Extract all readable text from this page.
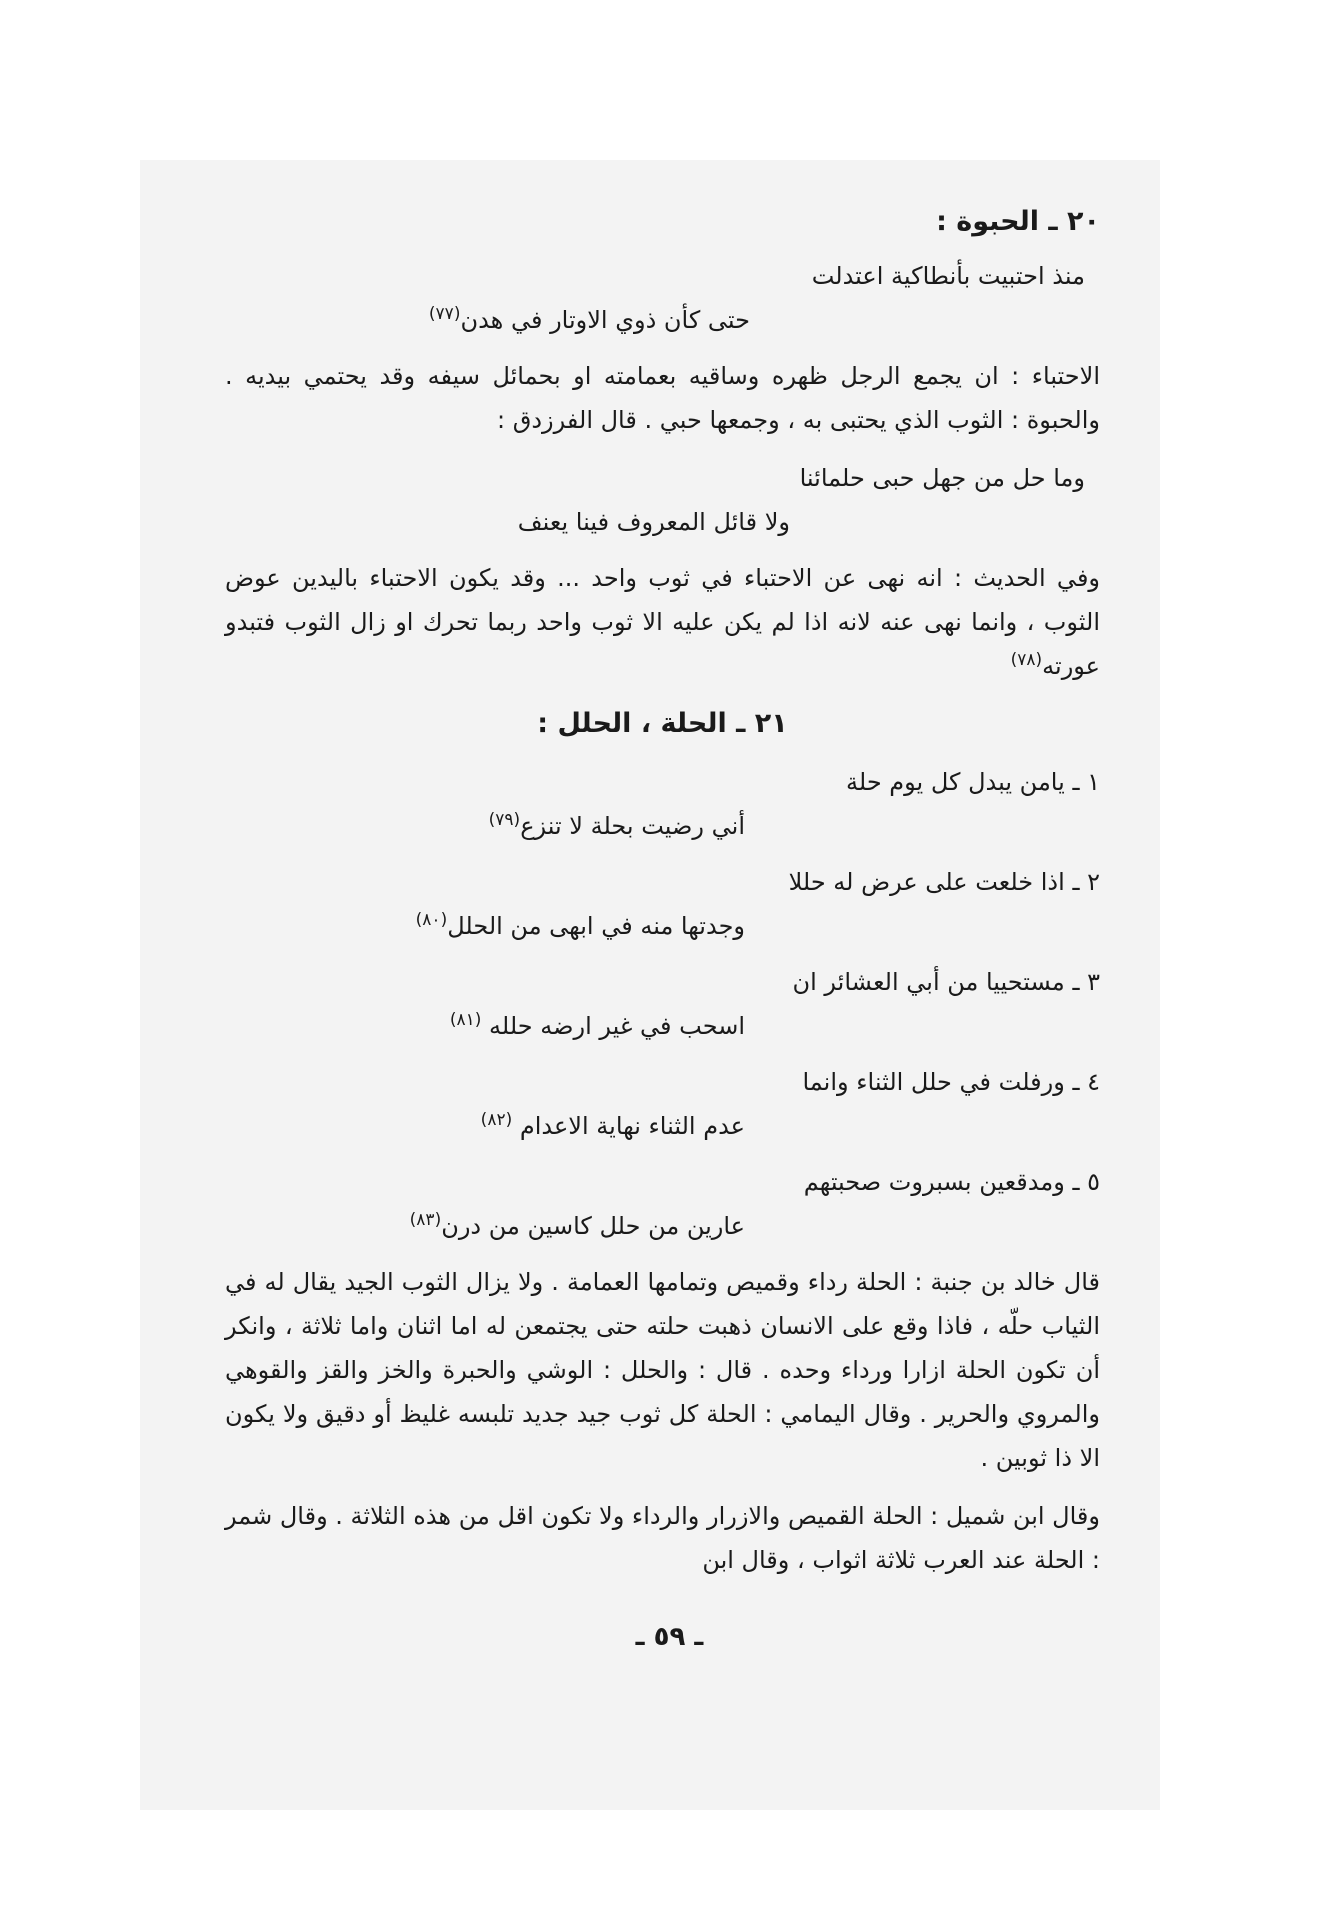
٢٠ ـ الحبوة :
منذ احتبيت بأنطاكية اعتدلت
حتى كأن ذوي الاوتار في هدن$^{(٧٧)}$
الاحتباء : ان يجمع الرجل ظهره وساقيه بعمامته او بحمائل سيفه وقد يحتمي بيديه . والحبوة : الثوب الذي يحتبى به ، وجمعها حبي . قال الفرزدق :
وما حل من جهل حبى حلمائنا
ولا قائل المعروف فينا يعنف
وفي الحديث : انه نهى عن الاحتباء في ثوب واحد ... وقد يكون الاحتباء باليدين عوض الثوب ، وانما نهى عنه لانه اذا لم يكن عليه الا ثوب واحد ربما تحرك او زال الثوب فتبدو عورته$^{(٧٨)}$
٢١ ـ الحلة ، الحلل :
١ ـ يامن يبدل كل يوم حلة
أني رضيت بحلة لا تنزع$^{(٧٩)}$
٢ ـ اذا خلعت على عرض له حللا
وجدتها منه في ابهى من الحلل$^{(٨٠)}$
٣ ـ مستحييا من أبي العشائر ان
اسحب في غير ارضه حلله $^{(٨١)}$
٤ ـ ورفلت في حلل الثناء وانما
عدم الثناء نهاية الاعدام $^{(٨٢)}$
٥ ـ ومدقعين بسبروت صحبتهم
عارين من حلل كاسين من درن$^{(٨٣)}$
قال خالد بن جنبة : الحلة رداء وقميص وتمامها العمامة . ولا يزال الثوب الجيد يقال له في الثياب حلّه ، فاذا وقع على الانسان ذهبت حلته حتى يجتمعن له اما اثنان واما ثلاثة ، وانكر أن تكون الحلة ازارا ورداء وحده . قال : والحلل : الوشي والحبرة والخز والقز والقوهي والمروي والحرير . وقال اليمامي : الحلة كل ثوب جيد جديد تلبسه غليظ أو دقيق ولا يكون الا ذا ثوبين .
وقال ابن شميل : الحلة القميص والازرار والرداء ولا تكون اقل من هذه الثلاثة . وقال شمر : الحلة عند العرب ثلاثة اثواب ، وقال ابن
ـ ٥٩ ـ
